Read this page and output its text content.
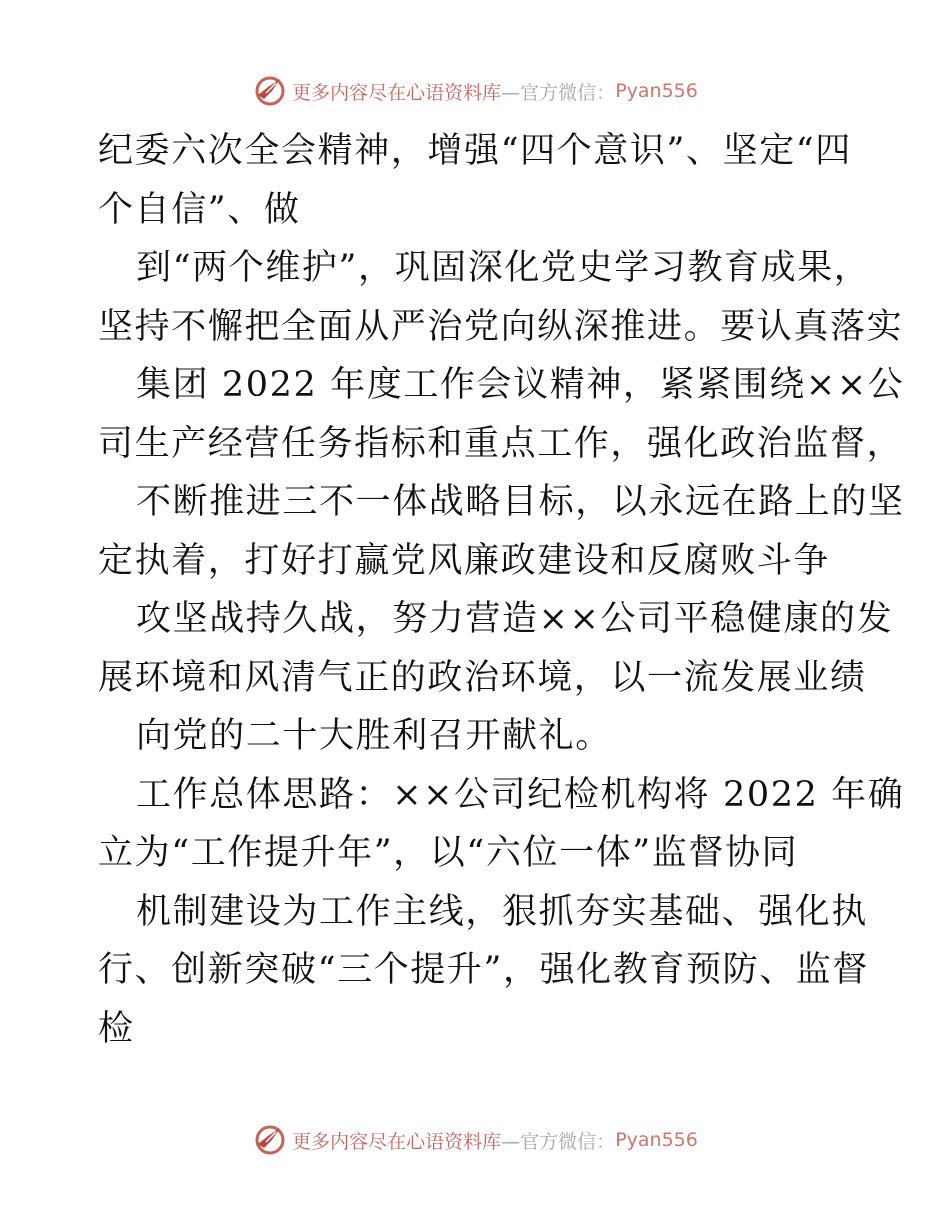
更多内容尽在心语资料库 —官方微信： Pyan556
纪委六次全会精神，增强“四个意识”、坚定“四
个自信”、做
到“两个维护”，巩固深化党史学习教育成果，
坚持不懈把全面从严治党向纵深推进。要认真落实
集团 2022 年度工作会议精神，紧紧围绕××公
司生产经营任务指标和重点工作，强化政治监督，
不断推进三不一体战略目标，以永远在路上的坚
定执着，打好打赢党风廉政建设和反腐败斗争
攻坚战持久战，努力营造××公司平稳健康的发
展环境和风清气正的政治环境，以一流发展业绩
向党的二十大胜利召开献礼。
工作总体思路：××公司纪检机构将 2022 年确
立为“工作提升年”，以“六位一体”监督协同
机制建设为工作主线，狠抓夯实基础、强化执
行、创新突破“三个提升”，强化教育预防、监督
检
更多内容尽在心语资料库 —官方微信： Pyan556
